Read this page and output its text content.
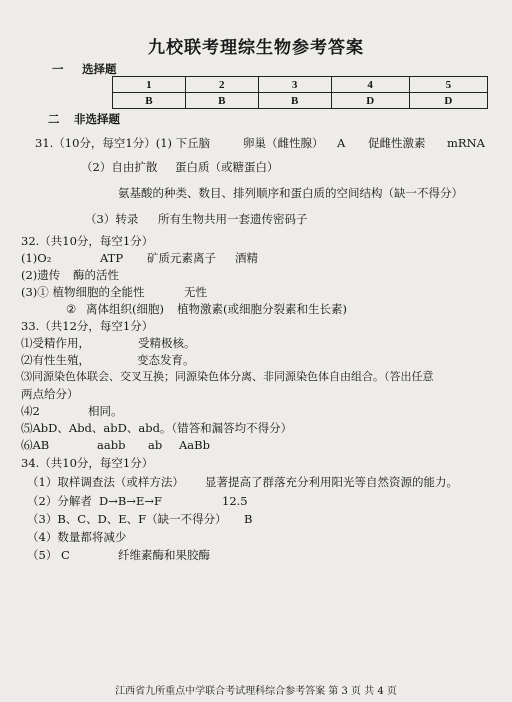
九校联考理综生物参考答案
一 选择题
1	2	3	4	5
B	B	B	D	D
二 非选择题
31.（10分，每空1分）(1) 下丘脑	卵巢（雌性腺） A 促雌性激素 mRNA
（2）自由扩散 蛋白质（或糖蛋白）
氨基酸的种类、数目、排列顺序和蛋白质的空间结构（缺一不得分）
（3）转录 所有生物共用一套遗传密码子
32.（共10分，每空1分）
(1)O₂	ATP 矿质元素离子 酒精
(2)遗传 酶的活性
(3)① 植物细胞的全能性	无性
② 离体组织(细胞) 植物激素(或细胞分裂素和生长素)
33.（共12分，每空1分）
⑴受精作用，	受精极核。
⑵有性生殖，	变态发育。
⑶同源染色体联会、交叉互换；同源染色体分离、非同源染色体自由组合。（答出任意
两点给分）
⑷2	相同。
⑸AbD、Abd、abD、abd。（错答和漏答均不得分）
⑹AB	aabb ab AaBb
34.（共10分，每空1分）
（1）取样调查法（或样方法） 显著提高了群落充分利用阳光等自然资源的能力。
（2）分解者 D→B→E→F	12.5
（3）B、C、D、E、F（缺一不得分） B
（4）数量都将减少
（5） C	纤维素酶和果胶酶
江西省九所重点中学联合考试理科综合参考答案 第 3 页 共 4 页
